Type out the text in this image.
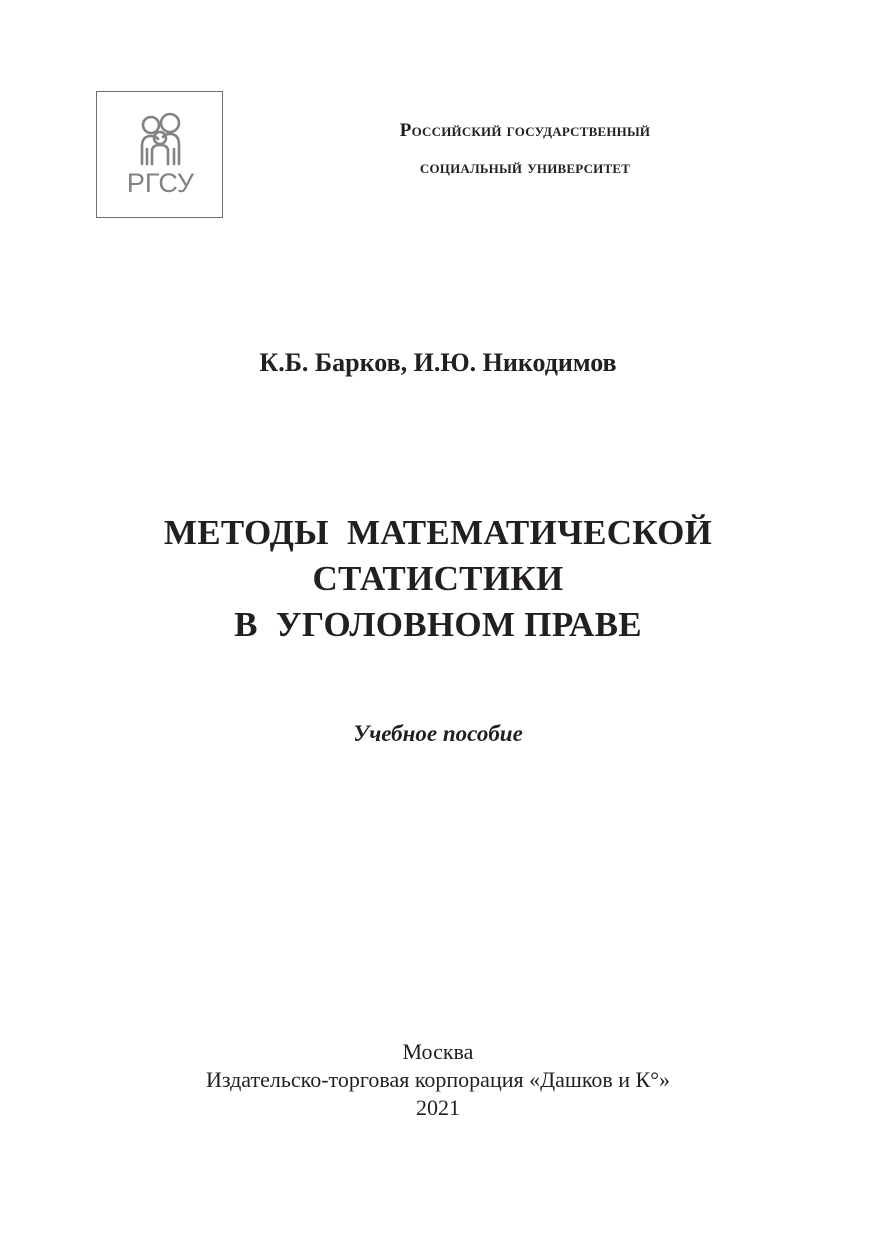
РГСУ
Российский государственный
социальный университет
К.Б. Барков, И.Ю. Никодимов
МЕТОДЫ  МАТЕМАТИЧЕСКОЙ
СТАТИСТИКИ
В  УГОЛОВНОМ ПРАВЕ
Учебное пособие
Москва
Издательско-торговая корпорация «Дашков и К°»
2021
